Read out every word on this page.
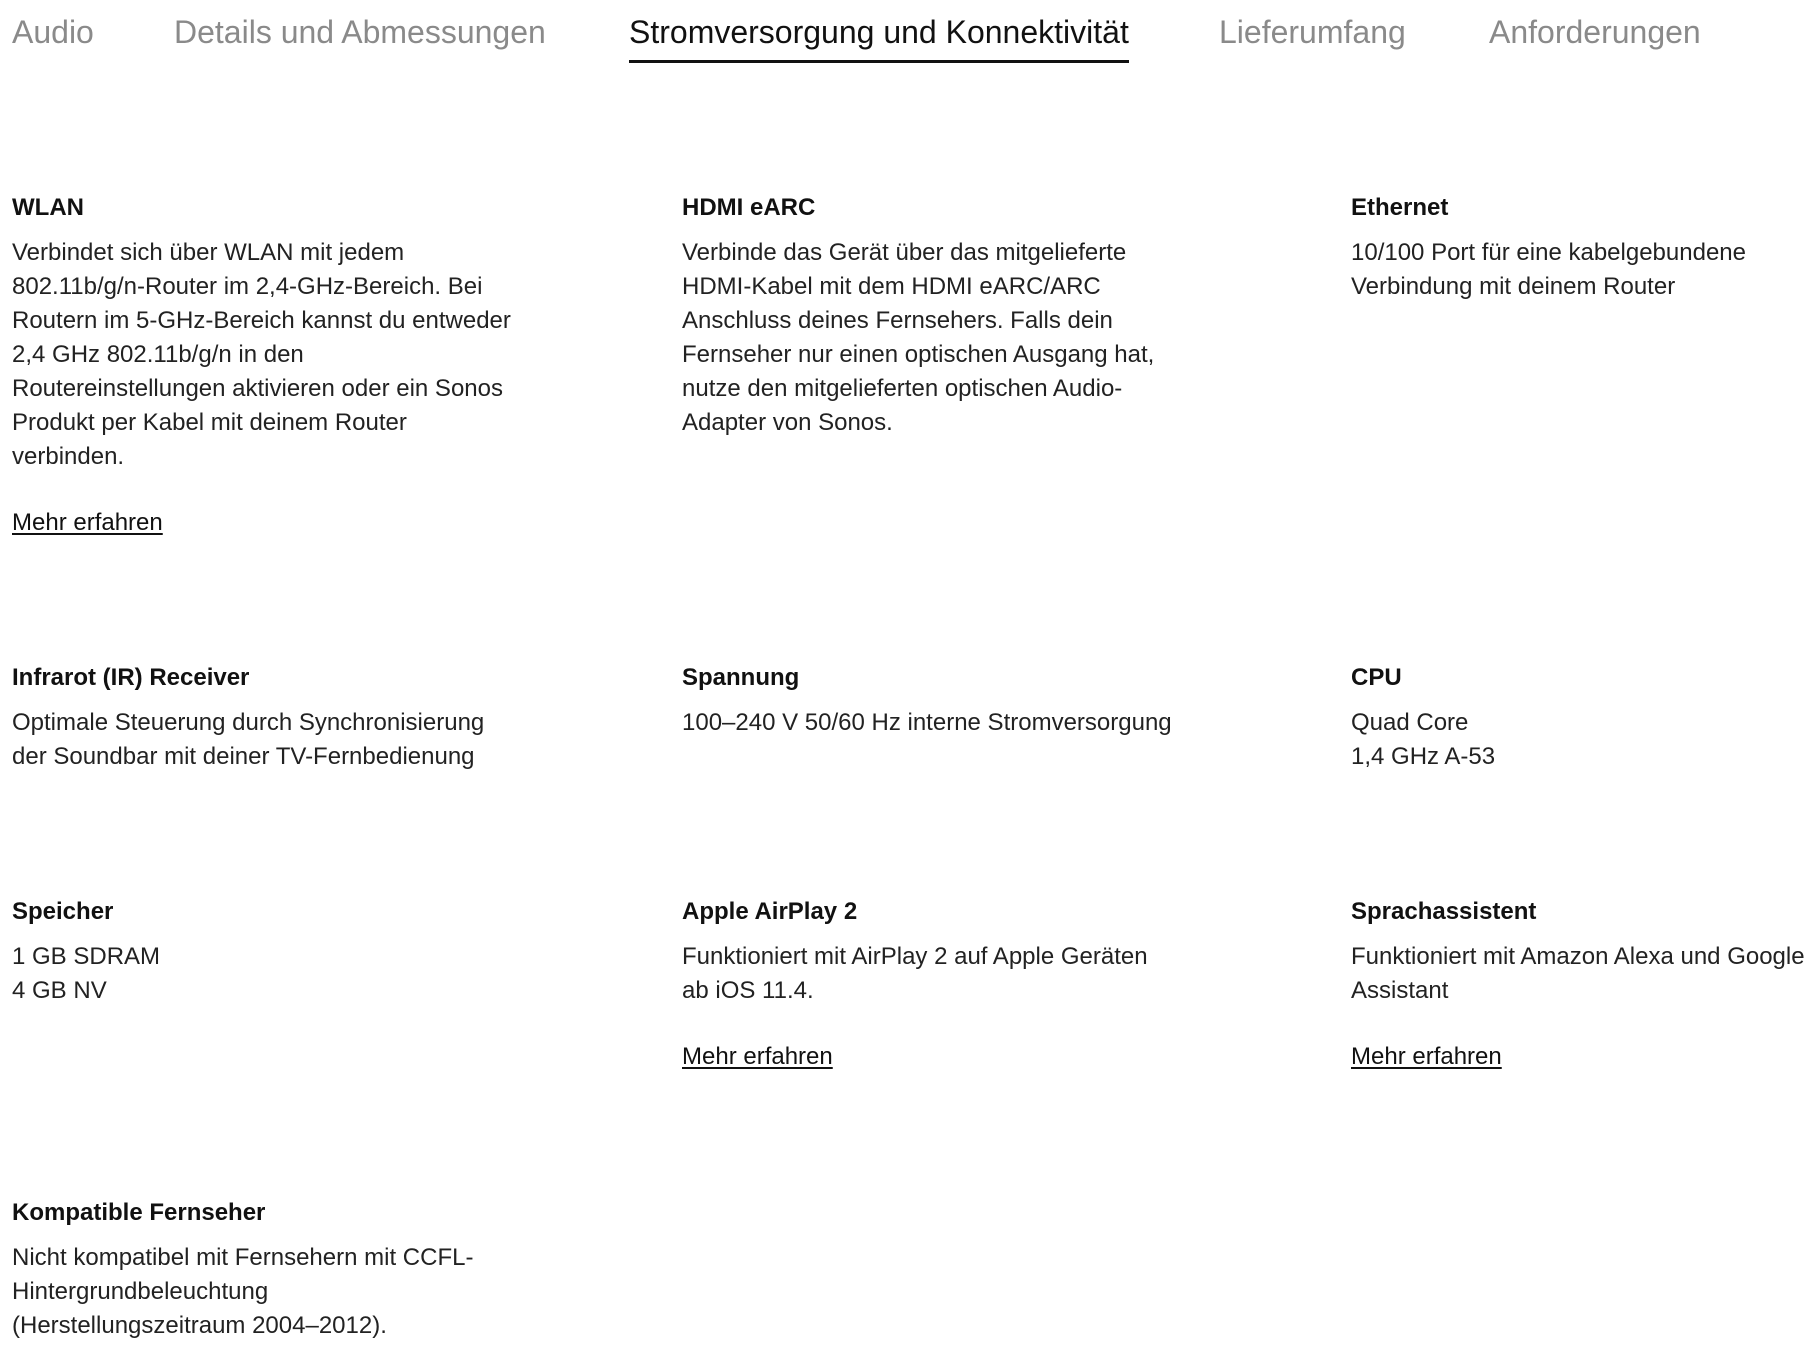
Audio	Details und Abmessungen	Stromversorgung und Konnektivität	Lieferumfang	Anforderungen
WLAN

Verbindet sich über WLAN mit jedem
802.11b/g/n-Router im 2,4-GHz-Bereich. Bei
Routern im 5-GHz-Bereich kannst du entweder
2,4 GHz 802.11b/g/n in den
Routereinstellungen aktivieren oder ein Sonos
Produkt per Kabel mit deinem Router
verbinden.

Mehr erfahren
HDMI eARC

Verbinde das Gerät über das mitgelieferte
HDMI-Kabel mit dem HDMI eARC/ARC
Anschluss deines Fernsehers. Falls dein
Fernseher nur einen optischen Ausgang hat,
nutze den mitgelieferten optischen Audio-
Adapter von Sonos.

Ethernet

10/100 Port für eine kabelgebundene
Verbindung mit deinem Router

Infrarot (IR) Receiver

Optimale Steuerung durch Synchronisierung
der Soundbar mit deiner TV-Fernbedienung

Spannung

100–240 V 50/60 Hz interne Stromversorgung

CPU

Quad Core
1,4 GHz A-53

Speicher

1 GB SDRAM
4 GB NV

Apple AirPlay 2

Funktioniert mit AirPlay 2 auf Apple Geräten
ab iOS 11.4.

Mehr erfahren
Sprachassistent

Funktioniert mit Amazon Alexa und Google
Assistant

Mehr erfahren
Kompatible Fernseher

Nicht kompatibel mit Fernsehern mit CCFL-
Hintergrundbeleuchtung
(Herstellungszeitraum 2004–2012).
